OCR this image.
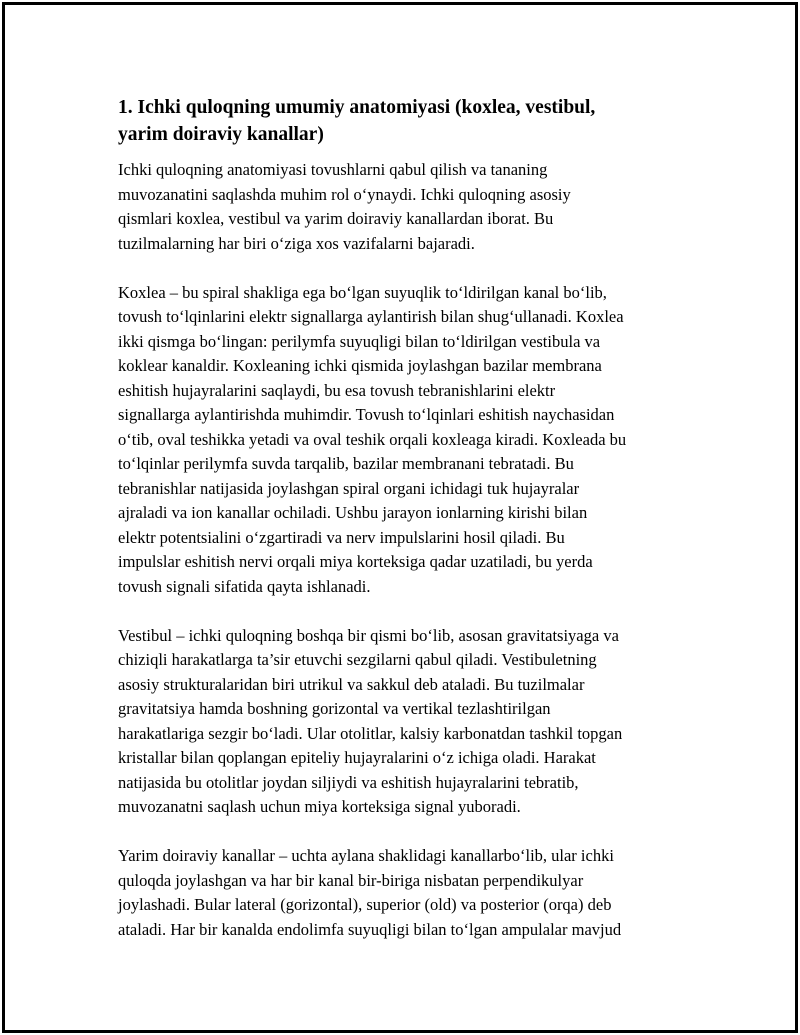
1. Ichki quloqning umumiy anatomiyasi (koxlea, vestibul,
yarim doiraviy kanallar)

Ichki quloqning anatomiyasi tovushlarni qabul qilish va tananing
muvozanatini saqlashda muhim rol o‘ynaydi. Ichki quloqning asosiy
qismlari koxlea, vestibul va yarim doiraviy kanallardan iborat. Bu
tuzilmalarning har biri o‘ziga xos vazifalarni bajaradi.

Koxlea – bu spiral shakliga ega bo‘lgan suyuqlik to‘ldirilgan kanal bo‘lib,
tovush to‘lqinlarini elektr signallarga aylantirish bilan shug‘ullanadi. Koxlea
ikki qismga bo‘lingan: perilymfa suyuqligi bilan to‘ldirilgan vestibula va
koklear kanaldir. Koxleaning ichki qismida joylashgan bazilar membrana
eshitish hujayralarini saqlaydi, bu esa tovush tebranishlarini elektr
signallarga aylantirishda muhimdir. Tovush to‘lqinlari eshitish naychasidan
o‘tib, oval teshikka yetadi va oval teshik orqali koxleaga kiradi. Koxleada bu
to‘lqinlar perilymfa suvda tarqalib, bazilar membranani tebratadi. Bu
tebranishlar natijasida joylashgan spiral organi ichidagi tuk hujayralar
ajraladi va ion kanallar ochiladi. Ushbu jarayon ionlarning kirishi bilan
elektr potentsialini o‘zgartiradi va nerv impulslarini hosil qiladi. Bu
impulslar eshitish nervi orqali miya korteksiga qadar uzatiladi, bu yerda
tovush signali sifatida qayta ishlanadi.

Vestibul – ichki quloqning boshqa bir qismi bo‘lib, asosan gravitatsiyaga va
chiziqli harakatlarga ta’sir etuvchi sezgilarni qabul qiladi. Vestibuletning
asosiy strukturalaridan biri utrikul va sakkul deb ataladi. Bu tuzilmalar
gravitatsiya hamda boshning gorizontal va vertikal tezlashtirilgan
harakatlariga sezgir bo‘ladi. Ular otolitlar, kalsiy karbonatdan tashkil topgan
kristallar bilan qoplangan epiteliy hujayralarini o‘z ichiga oladi. Harakat
natijasida bu otolitlar joydan siljiydi va eshitish hujayralarini tebratib,
muvozanatni saqlash uchun miya korteksiga signal yuboradi.

Yarim doiraviy kanallar – uchta aylana shaklidagi kanallarbo‘lib, ular ichki
quloqda joylashgan va har bir kanal bir-biriga nisbatan perpendikulyar
joylashadi. Bular lateral (gorizontal), superior (old) va posterior (orqa) deb
ataladi. Har bir kanalda endolimfa suyuqligi bilan to‘lgan ampulalar mavjud
